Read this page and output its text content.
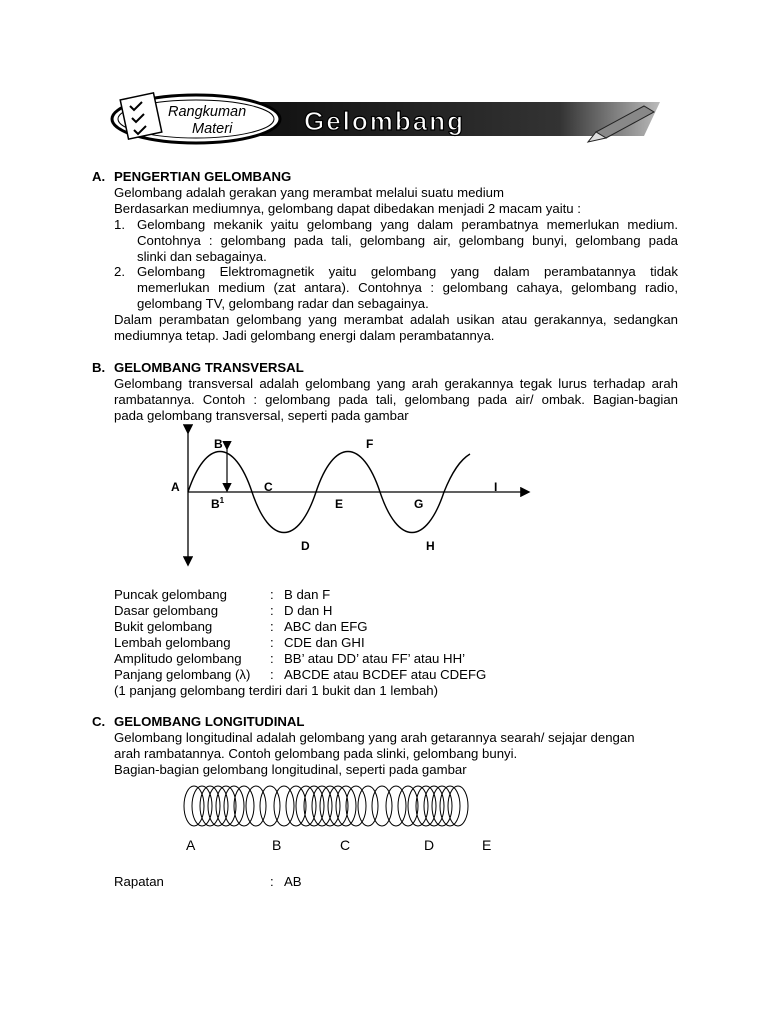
Rangkuman
Materi	Gelombang
A. PENGERTIAN GELOMBANG
Gelombang adalah gerakan yang merambat melalui suatu medium
Berdasarkan mediumnya, gelombang dapat dibedakan menjadi 2 macam yaitu :
1. Gelombang mekanik yaitu gelombang yang dalam perambatnya memerlukan medium.
Contohnya : gelombang pada tali, gelombang air, gelombang bunyi, gelombang pada
slinki dan sebagainya.
2. Gelombang Elektromagnetik yaitu gelombang yang dalam perambatannya tidak
memerlukan medium (zat antara). Contohnya : gelombang cahaya, gelombang radio,
gelombang TV, gelombang radar dan sebagainya.
Dalam perambatan gelombang yang merambat adalah usikan atau gerakannya, sedangkan
mediumnya tetap. Jadi gelombang energi dalam perambatannya.
B. GELOMBANG TRANSVERSAL
Gelombang transversal adalah gelombang yang arah gerakannya tegak lurus terhadap arah
rambatannya. Contoh : gelombang pada tali, gelombang pada air/ ombak. Bagian-bagian
pada gelombang transversal, seperti pada gambar
A
B
$B^1$
C
D
E
F
G
H
I
Puncak gelombang	: B dan F
Dasar gelombang	: D dan H
Bukit gelombang	: ABC dan EFG
Lembah gelombang	: CDE dan GHI
Amplitudo gelombang : BB’ atau DD’ atau FF’ atau HH’
Panjang gelombang (λ) : ABCDE atau BCDEF atau CDEFG
(1 panjang gelombang terdiri dari 1 bukit dan 1 lembah)
C. GELOMBANG LONGITUDINAL
Gelombang longitudinal adalah gelombang yang arah getarannya searah/ sejajar dengan
arah rambatannya. Contoh gelombang pada slinki, gelombang bunyi.
Bagian-bagian gelombang longitudinal, seperti pada gambar
A	B	C	D	E
Rapatan	: AB
